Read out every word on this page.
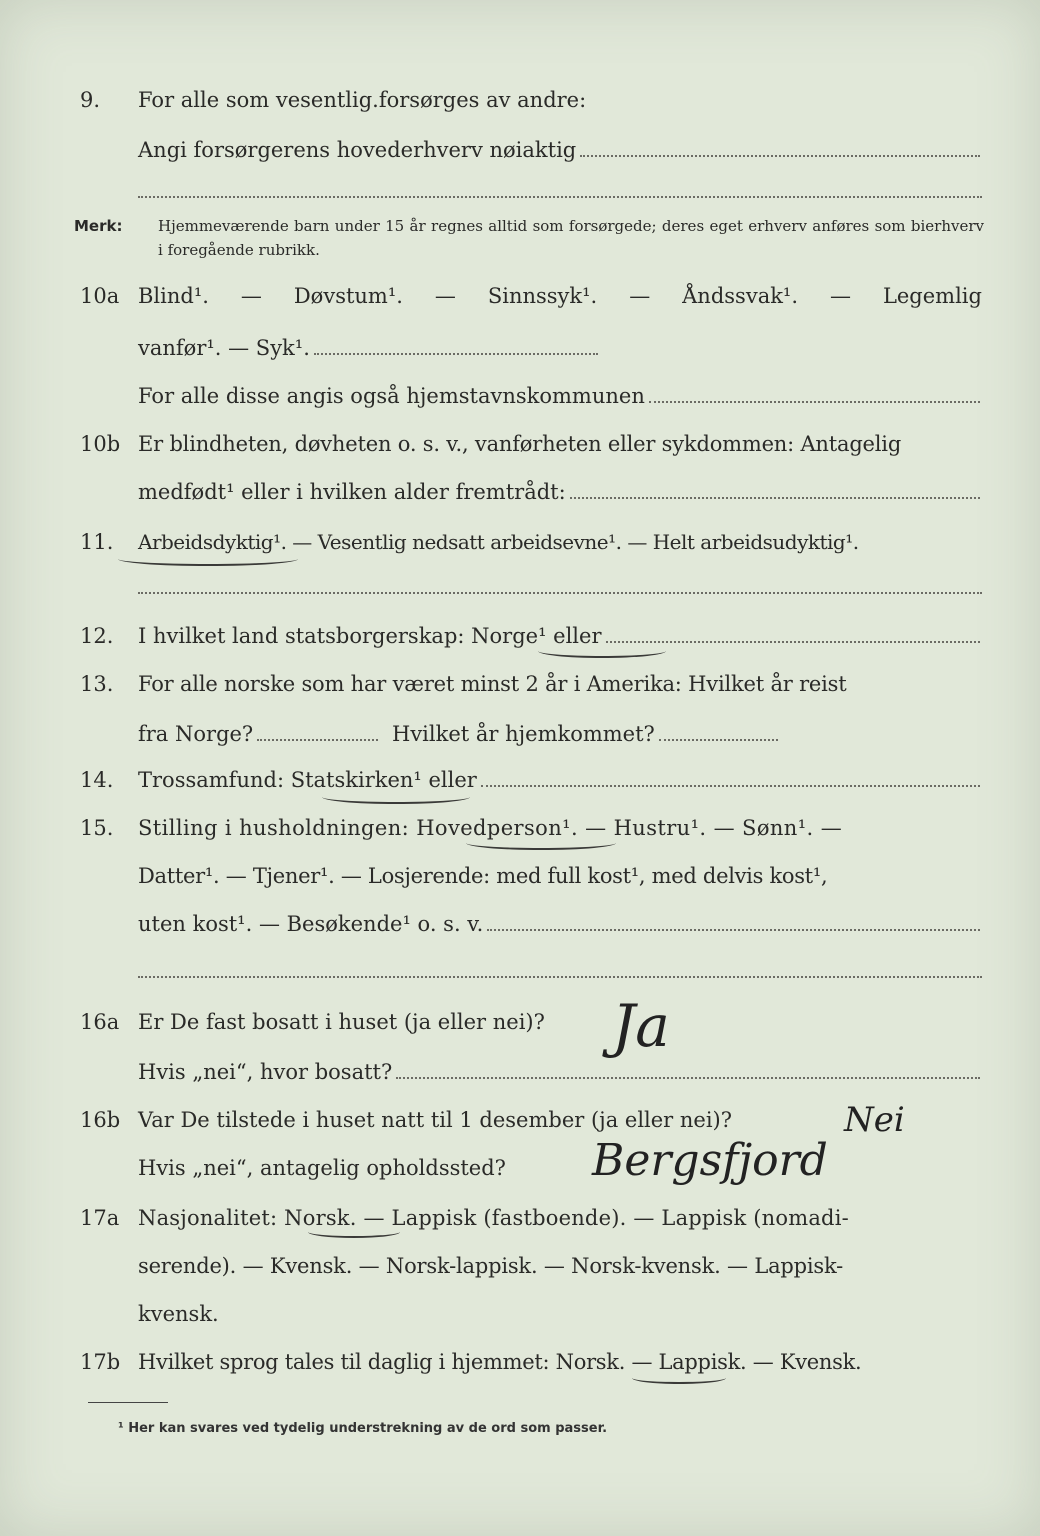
9.	For alle som vesentlig.forsørges av andre:
Angi forsørgerens hovederhverv nøiaktig
Merk: Hjemmeværende barn under 15 år regnes alltid som forsørgede; deres eget erhverv anføres som bierhverv i foregående rubrikk.
10a Blind¹. — Døvstum¹. — Sinnssyk¹. — Åndssvak¹. — Legemlig
vanfør¹. — Syk¹.
For alle disse angis også hjemstavnskommunen
10b Er blindheten, døvheten o. s. v., vanførheten eller sykdommen: Antagelig
medfødt¹ eller i hvilken alder fremtrådt:
11.	Arbeidsdyktig¹. — Vesentlig nedsatt arbeidsevne¹. — Helt arbeidsudyktig¹.
12.	I hvilket land statsborgerskap: Norge¹ eller
13.	For alle norske som har været minst 2 år i Amerika: Hvilket år reist
fra Norge?	Hvilket år hjemkommet?
14.	Trossamfund: Statskirken¹ eller
15.	Stilling i husholdningen: Hovedperson¹. — Hustru¹. — Sønn¹. —
Datter¹. — Tjener¹. — Losjerende: med full kost¹, med delvis kost¹,
uten kost¹. — Besøkende¹ o. s. v.
16a Er De fast bosatt i huset (ja eller nei)? Ja
Hvis „nei“, hvor bosatt?
16b Var De tilstede i huset natt til 1 desember (ja eller nei)?	Nei
Hvis „nei“, antagelig opholdssted? Bergsfjord
17a Nasjonalitet: Norsk. — Lappisk (fastboende). — Lappisk (nomadi-
serende). — Kvensk. — Norsk-lappisk. — Norsk-kvensk. — Lappisk-
kvensk.
17b Hvilket sprog tales til daglig i hjemmet: Norsk. — Lappisk. — Kvensk.
¹ Her kan svares ved tydelig understrekning av de ord som passer.
